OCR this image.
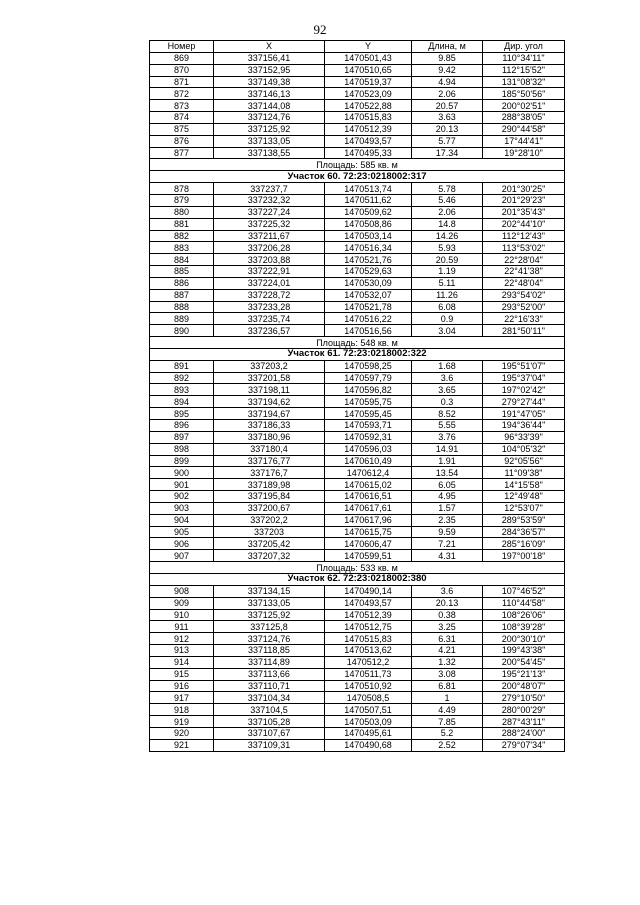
92
Номер	X	Y	Длина, м	Дир. угол
869	337156,41	1470501,43	9.85	110°34'11"
870	337152,95	1470510,65	9.42	112°15'52"
871	337149,38	1470519,37	4.94	131°08'32"
872	337146,13	1470523,09	2.06	185°50'56"
873	337144,08	1470522,88	20.57	200°02'51"
874	337124,76	1470515,83	3.63	288°38'05"
875	337125,92	1470512,39	20.13	290°44'58"
876	337133,05	1470493,57	5.77	17°44'41"
877	337138,55	1470495,33	17.34	19°28'10"
Площадь: 585 кв. м				
Участок 60. 72:23:0218002:317				
878	337237,7	1470513,74	5.78	201°30'25"
879	337232,32	1470511,62	5.46	201°29'23"
880	337227,24	1470509,62	2.06	201°35'43"
881	337225,32	1470508,86	14.8	202°44'10"
882	337211,67	1470503,14	14.26	112°12'43"
883	337206,28	1470516,34	5.93	113°53'02"
884	337203,88	1470521,76	20.59	22°28'04"
885	337222,91	1470529,63	1.19	22°41'38"
886	337224,01	1470530,09	5.11	22°48'04"
887	337228,72	1470532,07	11.26	293°54'02"
888	337233,28	1470521,78	6.08	293°52'00"
889	337235,74	1470516,22	0.9	22°16'33"
890	337236,57	1470516,56	3.04	281°50'11"
Площадь: 548 кв. м				
Участок 61. 72:23:0218002:322				
891	337203,2	1470598,25	1.68	195°51'07"
892	337201,58	1470597,79	3.6	195°37'04"
893	337198,11	1470596,82	3.65	197°02'42"
894	337194,62	1470595,75	0.3	279°27'44"
895	337194,67	1470595,45	8.52	191°47'05"
896	337186,33	1470593,71	5.55	194°36'44"
897	337180,96	1470592,31	3.76	96°33'39"
898	337180,4	1470596,03	14.91	104°05'32"
899	337176,77	1470610,49	1.91	92°05'56"
900	337176,7	1470612,4	13.54	11°09'38"
901	337189,98	1470615,02	6.05	14°15'58"
902	337195,84	1470616,51	4.95	12°49'48"
903	337200,67	1470617,61	1.57	12°53'07"
904	337202,2	1470617,96	2.35	289°53'59"
905	337203	1470615,75	9.59	284°36'57"
906	337205,42	1470606,47	7.21	285°16'09"
907	337207,32	1470599,51	4.31	197°00'18"
Площадь: 533 кв. м				
Участок 62. 72:23:0218002:380				
908	337134,15	1470490,14	3.6	107°46'52"
909	337133,05	1470493,57	20.13	110°44'58"
910	337125,92	1470512,39	0.38	108°26'06"
911	337125,8	1470512,75	3.25	108°39'28"
912	337124,76	1470515,83	6.31	200°30'10"
913	337118,85	1470513,62	4.21	199°43'38"
914	337114,89	1470512,2	1.32	200°54'45"
915	337113,66	1470511,73	3.08	195°21'13"
916	337110,71	1470510,92	6.81	200°48'07"
917	337104,34	1470508,5	1	279°10'50"
918	337104,5	1470507,51	4.49	280°00'29"
919	337105,28	1470503,09	7.85	287°43'11"
920	337107,67	1470495,61	5.2	288°24'00"
921	337109,31	1470490,68	2.52	279°07'34"
